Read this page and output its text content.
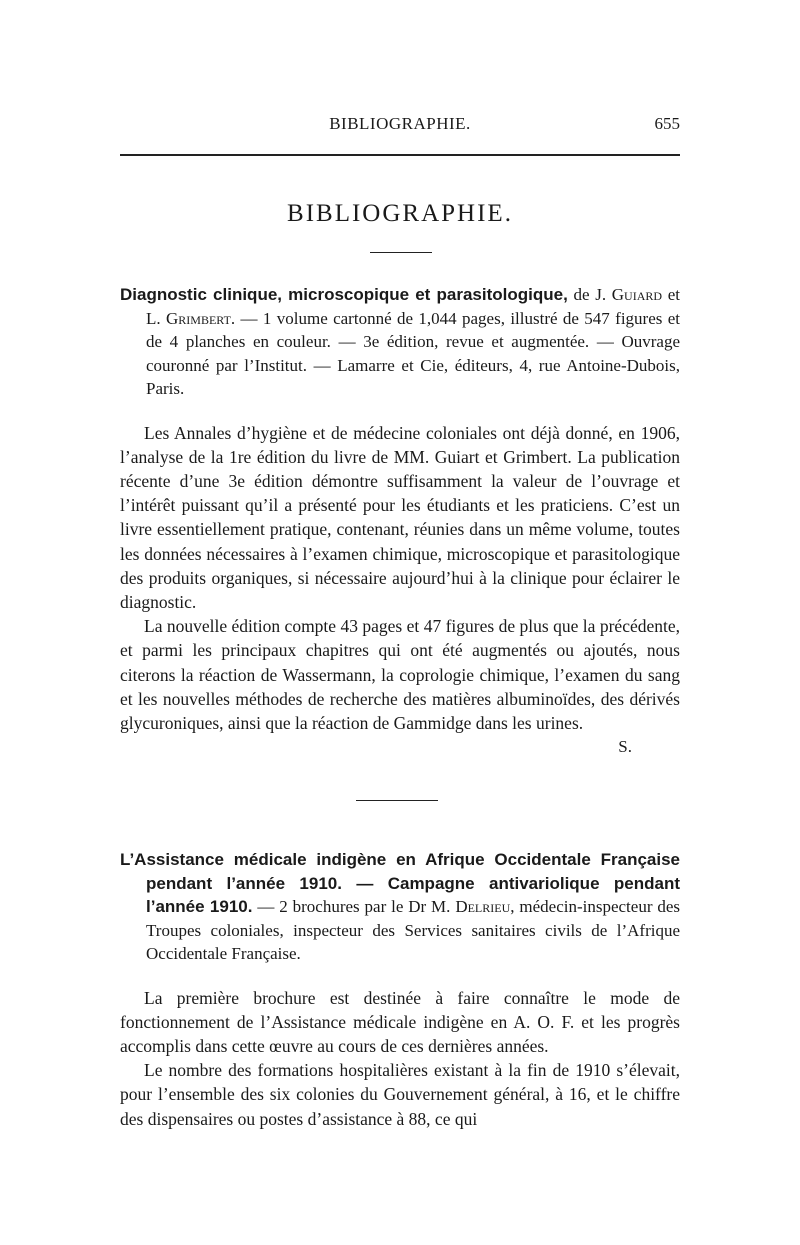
BIBLIOGRAPHIE.	655
BIBLIOGRAPHIE.

Diagnostic clinique, microscopique et parasitologique, de J. Guiard et L. Grimbert. — 1 volume cartonné de 1,044 pages, illustré de 547 figures et de 4 planches en couleur. — 3e édition, revue et augmentée. — Ouvrage couronné par l’Institut. — Lamarre et Cie, éditeurs, 4, rue Antoine-Dubois, Paris.

Les Annales d’hygiène et de médecine coloniales ont déjà donné, en 1906, l’analyse de la 1re édition du livre de MM. Guiart et Grimbert. La publication récente d’une 3e édition démontre suffisamment la valeur de l’ouvrage et l’intérêt puissant qu’il a présenté pour les étudiants et les praticiens. C’est un livre essentiellement pratique, contenant, réunies dans un même volume, toutes les données nécessaires à l’examen chimique, microscopique et parasitologique des produits organiques, si nécessaire aujourd’hui à la clinique pour éclairer le diagnostic.

La nouvelle édition compte 43 pages et 47 figures de plus que la précédente, et parmi les principaux chapitres qui ont été augmentés ou ajoutés, nous citerons la réaction de Wassermann, la coprologie chimique, l’examen du sang et les nouvelles méthodes de recherche des matières albuminoïdes, des dérivés glycuroniques, ainsi que la réaction de Gammidge dans les urines.

S.

L’Assistance médicale indigène en Afrique Occidentale Française pendant l’année 1910. — Campagne antivariolique pendant l’année 1910. — 2 brochures par le Dr M. Delrieu, médecin-inspecteur des Troupes coloniales, inspecteur des Services sanitaires civils de l’Afrique Occidentale Française.

La première brochure est destinée à faire connaître le mode de fonctionnement de l’Assistance médicale indigène en A. O. F. et les progrès accomplis dans cette œuvre au cours de ces dernières années.

Le nombre des formations hospitalières existant à la fin de 1910 s’élevait, pour l’ensemble des six colonies du Gouvernement général, à 16, et le chiffre des dispensaires ou postes d’assistance à 88, ce qui
